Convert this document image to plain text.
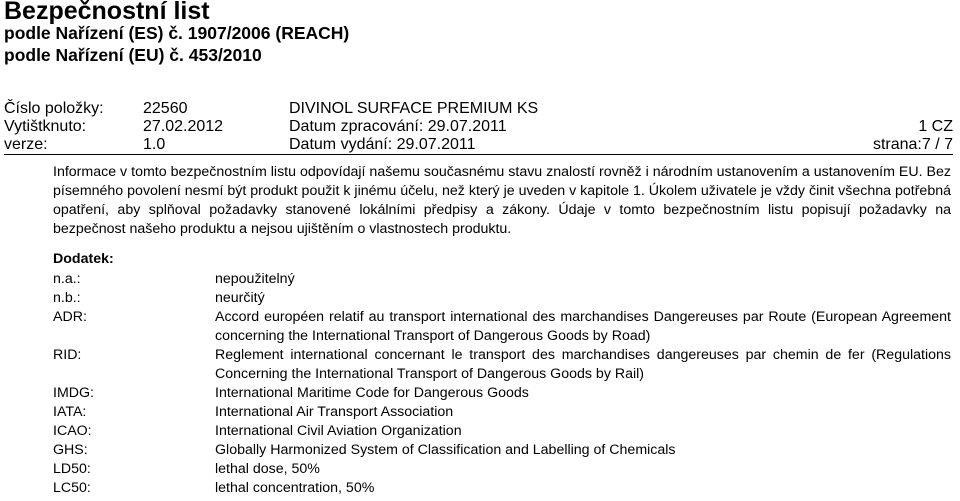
Bezpečnostní list
podle Nařízení (ES) č. 1907/2006 (REACH)
podle Nařízení (EU) č. 453/2010
Číslo položky: 22560	DIVINOL SURFACE PREMIUM KS
Vytištknuto:	27.02.2012	Datum zpracování: 29.07.2011	1 CZ
verze:	1.0	Datum vydání: 29.07.2011	strana:7 / 7
Informace v tomto bezpečnostním listu odpovídají našemu současnému stavu znalostí rovněž i národním ustanovením a ustanovením EU. Bez písemného povolení nesmí být produkt použit k jinému účelu, než který je uveden v kapitole 1. Úkolem uživatele je vždy činit všechna potřebná opatření, aby splňoval požadavky stanovené lokálními předpisy a zákony. Údaje v tomto bezpečnostním listu popisují požadavky na bezpečnost našeho produktu a nejsou ujištěním o vlastnostech produktu.
Dodatek:
n.a.:	nepoužitelný
n.b.:	neurčitý
ADR:	Accord européen relatif au transport international des marchandises Dangereuses par Route (European Agreement concerning the International Transport of Dangerous Goods by Road)
RID:	Reglement international concernant le transport des marchandises dangereuses par chemin de fer (Regulations Concerning the International Transport of Dangerous Goods by Rail)
IMDG:	International Maritime Code for Dangerous Goods
IATA:	International Air Transport Association
ICAO:	International Civil Aviation Organization
GHS:	Globally Harmonized System of Classification and Labelling of Chemicals
LD50:	lethal dose, 50%
LC50:	lethal concentration, 50%
